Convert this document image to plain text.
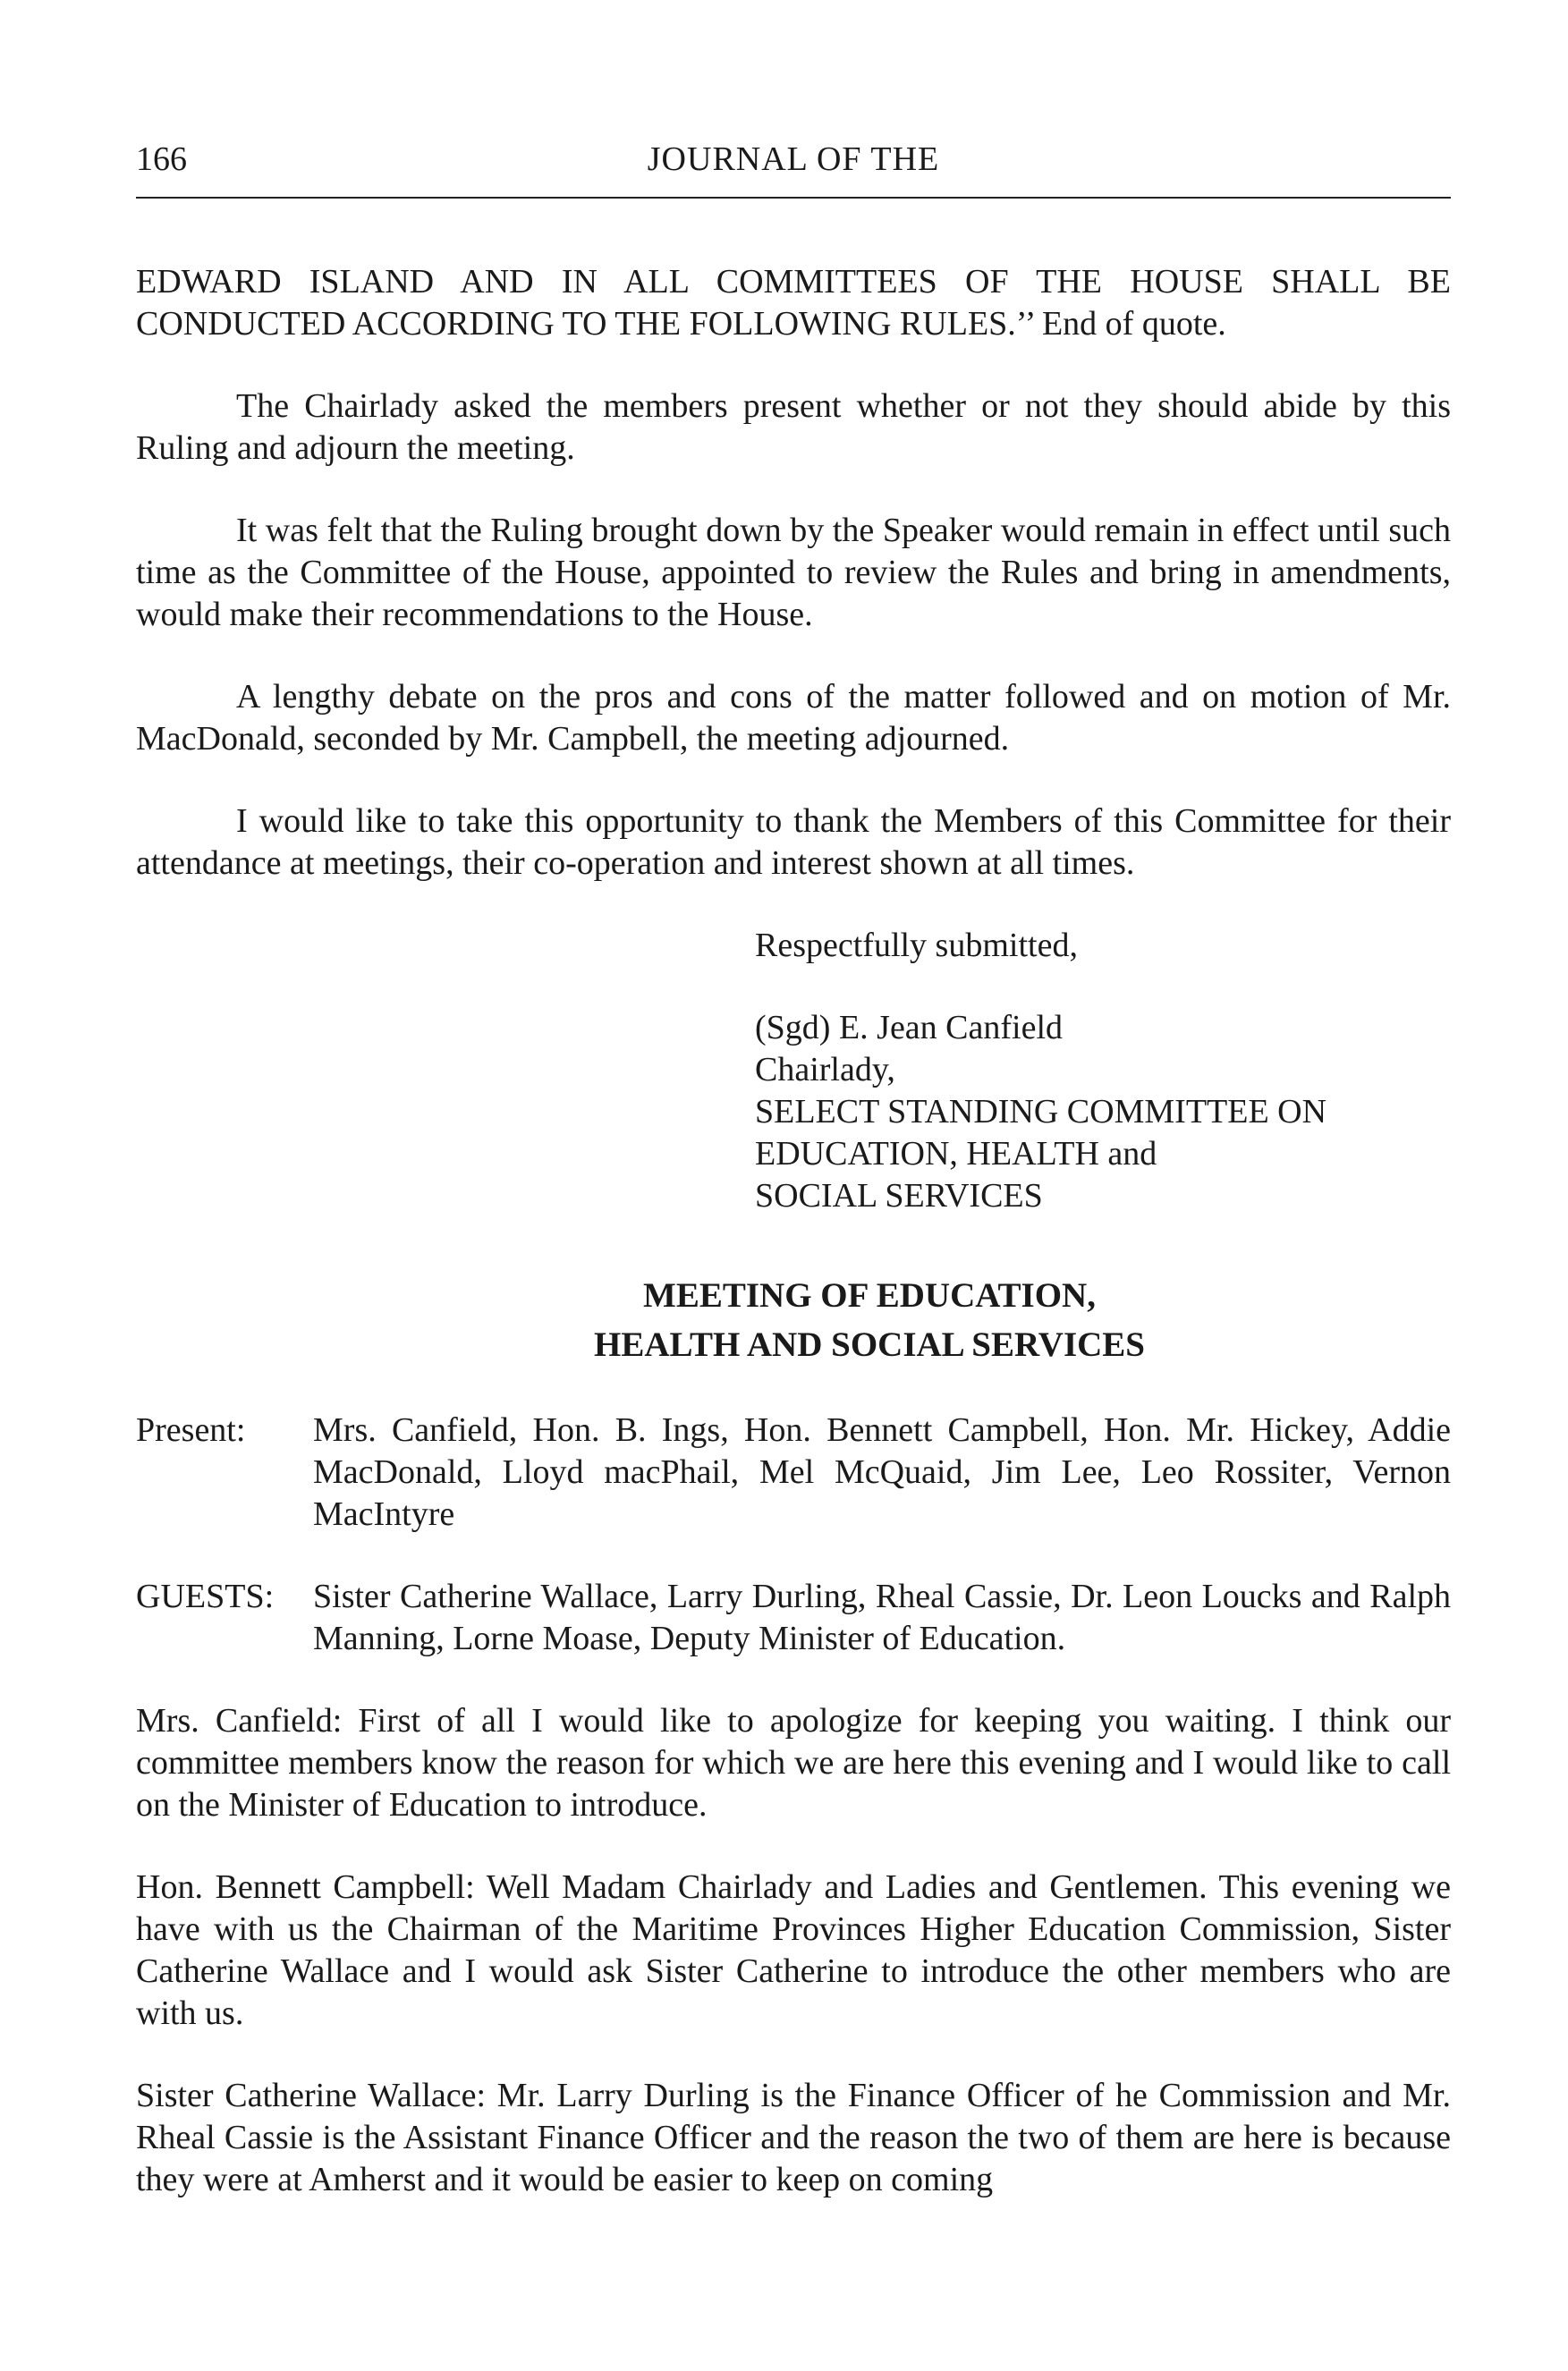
166	JOURNAL OF THE

EDWARD ISLAND AND IN ALL COMMITTEES OF THE HOUSE SHALL BE CONDUCTED ACCORDING TO THE FOLLOWING RULES.’’ End of quote.

The Chairlady asked the members present whether or not they should abide by this Ruling and adjourn the meeting.

It was felt that the Ruling brought down by the Speaker would remain in effect until such time as the Committee of the House, appointed to review the Rules and bring in amendments, would make their recommendations to the House.

A lengthy debate on the pros and cons of the matter followed and on motion of Mr. MacDonald, seconded by Mr. Campbell, the meeting adjourned.

I would like to take this opportunity to thank the Members of this Committee for their attendance at meetings, their co-operation and interest shown at all times.

Respectfully submitted,
(Sgd) E. Jean Canfield
Chairlady,
SELECT STANDING COMMITTEE ON
EDUCATION, HEALTH and
SOCIAL SERVICES
MEETING OF EDUCATION,
HEALTH AND SOCIAL SERVICES
Present:	Mrs. Canfield, Hon. B. Ings, Hon. Bennett Campbell, Hon. Mr. Hickey, Addie MacDonald, Lloyd macPhail, Mel McQuaid, Jim Lee, Leo Rossiter, Vernon MacIntyre
GUESTS:	Sister Catherine Wallace, Larry Durling, Rheal Cassie, Dr. Leon Loucks and Ralph Manning, Lorne Moase, Deputy Minister of Education.

Mrs. Canfield: First of all I would like to apologize for keeping you waiting. I think our committee members know the reason for which we are here this evening and I would like to call on the Minister of Education to introduce.

Hon. Bennett Campbell: Well Madam Chairlady and Ladies and Gentlemen. This evening we have with us the Chairman of the Maritime Provinces Higher Education Commission, Sister Catherine Wallace and I would ask Sister Catherine to introduce the other members who are with us.

Sister Catherine Wallace: Mr. Larry Durling is the Finance Officer of he Commission and Mr. Rheal Cassie is the Assistant Finance Officer and the reason the two of them are here is because they were at Amherst and it would be easier to keep on coming
